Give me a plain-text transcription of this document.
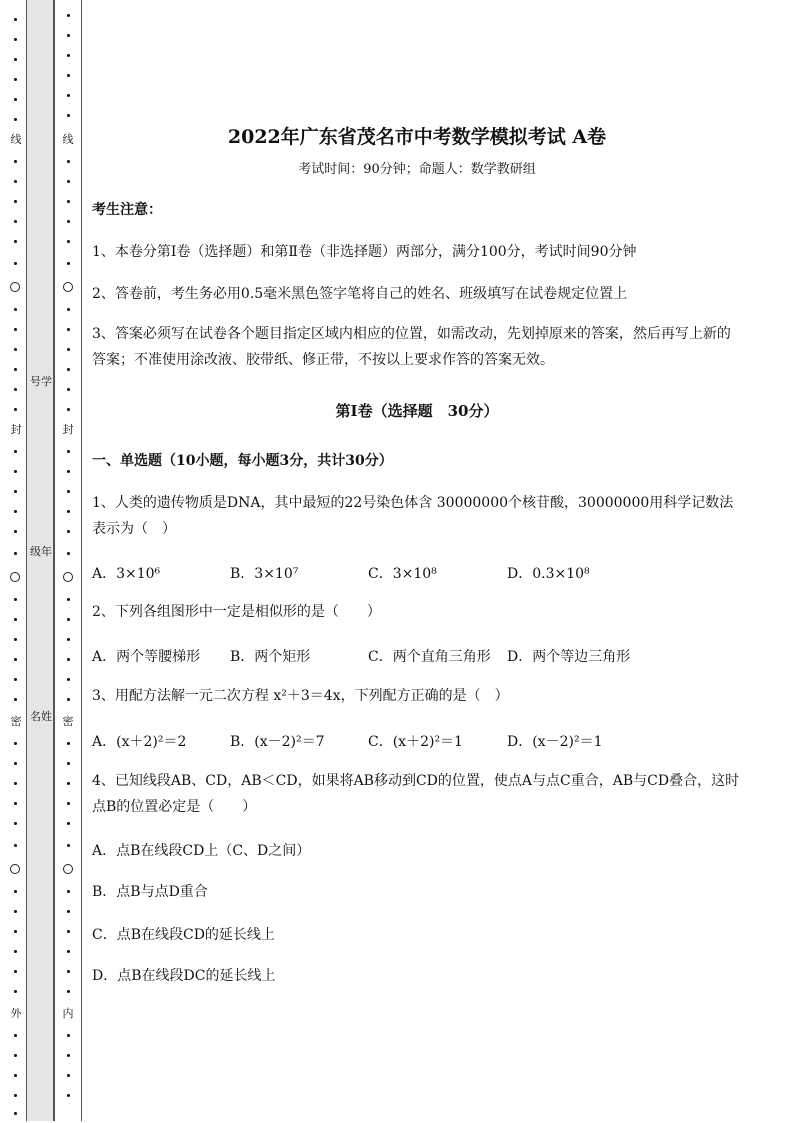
线
封
密
外
号学
级年
名姓
线
封
密
内
2022年广东省茂名市中考数学模拟考试 A卷
考试时间：90分钟；命题人：数学教研组
考生注意：
1、本卷分第I卷（选择题）和第Ⅱ卷（非选择题）两部分，满分100分，考试时间90分钟
2、答卷前，考生务必用0.5毫米黑色签字笔将自己的姓名、班级填写在试卷规定位置上
3、答案必须写在试卷各个题目指定区域内相应的位置，如需改动，先划掉原来的答案，然后再写上新的答案；不准使用涂改液、胶带纸、修正带，不按以上要求作答的答案无效。
第I卷（选择题　30分）
一、单选题（10小题，每小题3分，共计30分）
1、人类的遗传物质是DNA，其中最短的22号染色体含 30000000个核苷酸，30000000用科学记数法表示为（　）
A．3×10⁶	B．3×10⁷	C．3×10⁸	D．0.3×10⁸
2、下列各组图形中一定是相似形的是（　　）
A．两个等腰梯形 B．两个矩形	C．两个直角三角形 D．两个等边三角形
3、用配方法解一元二次方程 x²＋3＝4x，下列配方正确的是（　）
A．(x＋2)²＝2	B．(x－2)²＝7	C．(x＋2)²＝1	D．(x－2)²＝1
4、已知线段AB、CD，AB＜CD，如果将AB移动到CD的位置，使点A与点C重合，AB与CD叠合，这时点B的位置必定是（　　）
A．点B在线段CD上（C、D之间）
B．点B与点D重合
C．点B在线段CD的延长线上
D．点B在线段DC的延长线上
